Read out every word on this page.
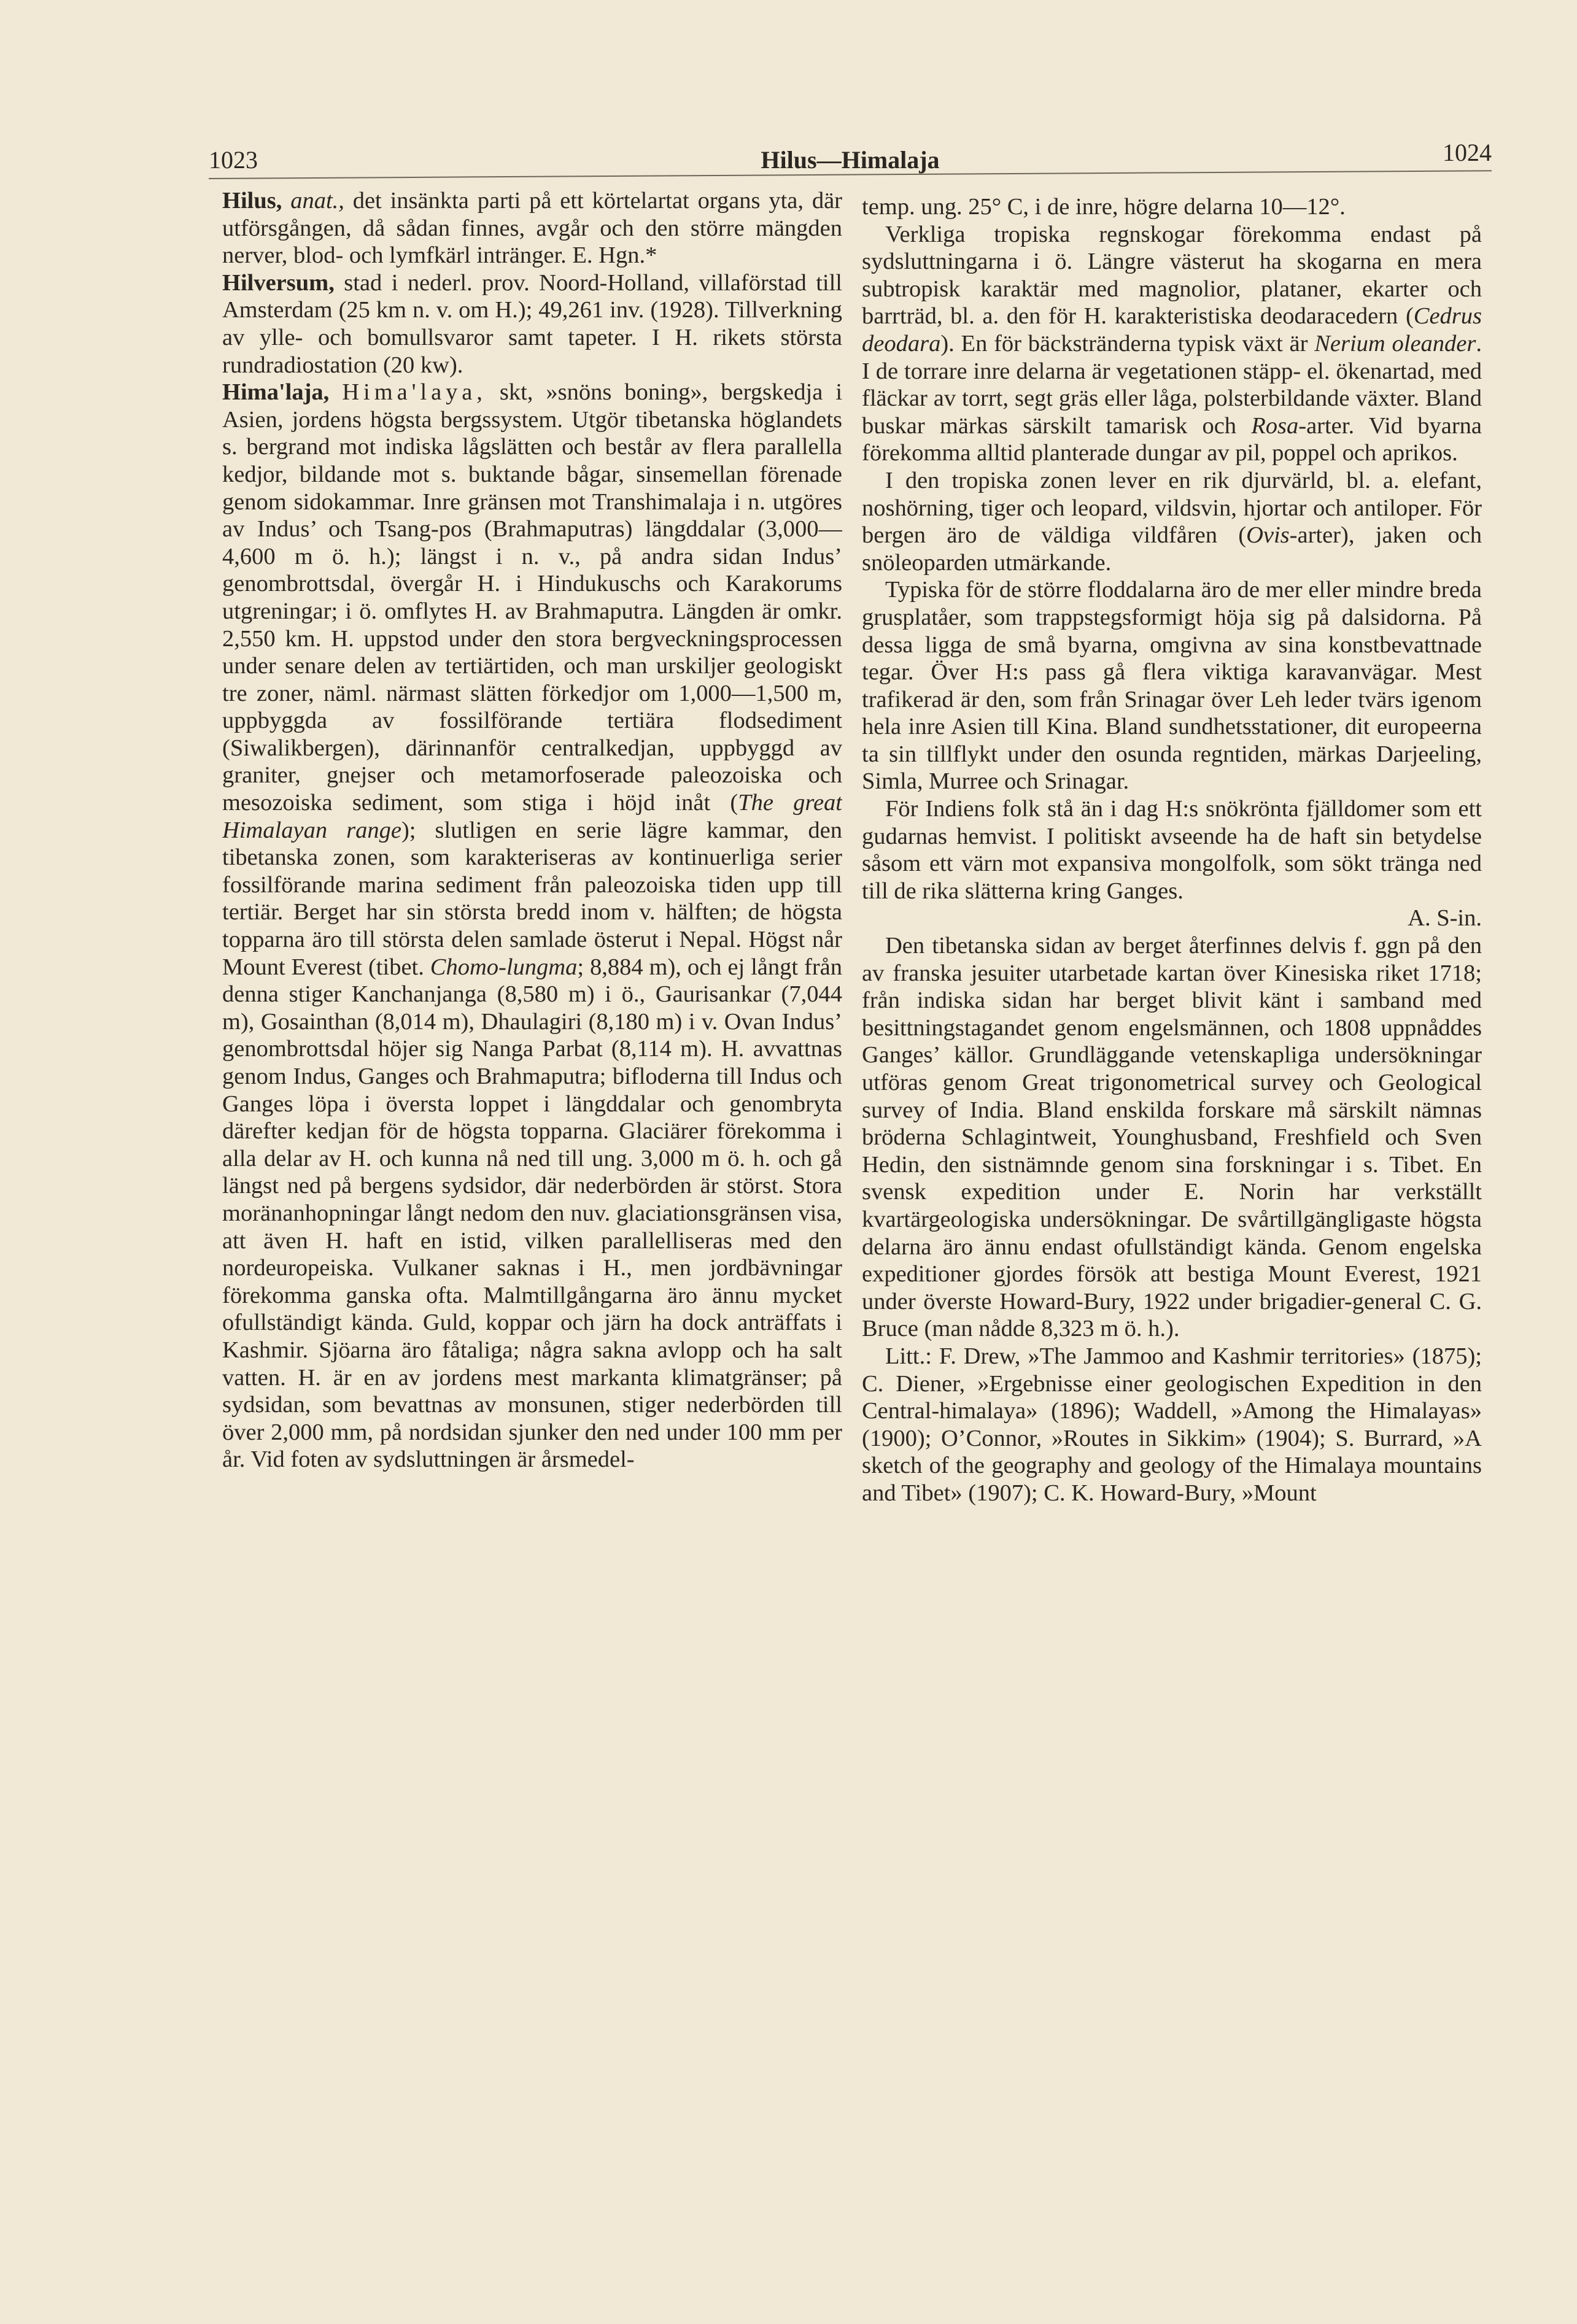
1023	Hilus—Himalaja	1024

Hilus, anat., det insänkta parti på ett körtelartat organs yta, där utförsgången, då sådan finnes, avgår och den större mängden nerver, blod- och lymfkärl intränger. E. Hgn.*

Hilversum, stad i nederl. prov. Noord-Holland, villaförstad till Amsterdam (25 km n. v. om H.); 49,261 inv. (1928). Tillverkning av ylle- och bomullsvaror samt tapeter. I H. rikets största rundradiostation (20 kw).

Hima'laja, Hima'laya, skt, »snöns boning», bergskedja i Asien, jordens högsta bergssystem. Utgör tibetanska höglandets s. bergrand mot indiska lågslätten och består av flera parallella kedjor, bildande mot s. buktande bågar, sinsemellan förenade genom sidokammar. Inre gränsen mot Transhimalaja i n. utgöres av Indus’ och Tsang-pos (Brahmaputras) längddalar (3,000—4,600 m ö. h.); längst i n. v., på andra sidan Indus’ genombrottsdal, övergår H. i Hindukuschs och Karakorums utgreningar; i ö. omflytes H. av Brahmaputra. Längden är omkr. 2,550 km. H. uppstod under den stora bergveckningsprocessen under senare delen av tertiärtiden, och man urskiljer geologiskt tre zoner, näml. närmast slätten förkedjor om 1,000—1,500 m, uppbyggda av fossilförande tertiära flodsediment (Siwalikbergen), därinnanför centralkedjan, uppbyggd av graniter, gnejser och metamorfoserade paleozoiska och mesozoiska sediment, som stiga i höjd inåt (The great Himalayan range); slutligen en serie lägre kammar, den tibetanska zonen, som karakteriseras av kontinuerliga serier fossilförande marina sediment från paleozoiska tiden upp till tertiär. Berget har sin största bredd inom v. hälften; de högsta topparna äro till största delen samlade österut i Nepal. Högst når Mount Everest (tibet. Chomo-lungma; 8,884 m), och ej långt från denna stiger Kanchanjanga (8,580 m) i ö., Gaurisankar (7,044 m), Gosainthan (8,014 m), Dhaulagiri (8,180 m) i v. Ovan Indus’ genombrottsdal höjer sig Nanga Parbat (8,114 m). H. avvattnas genom Indus, Ganges och Brahmaputra; bifloderna till Indus och Ganges löpa i översta loppet i längddalar och genombryta därefter kedjan för de högsta topparna. Glaciärer förekomma i alla delar av H. och kunna nå ned till ung. 3,000 m ö. h. och gå längst ned på bergens sydsidor, där nederbörden är störst. Stora moränanhopningar långt nedom den nuv. glaciationsgränsen visa, att även H. haft en istid, vilken parallelliseras med den nordeuropeiska. Vulkaner saknas i H., men jordbävningar förekomma ganska ofta. Malmtillgångarna äro ännu mycket ofullständigt kända. Guld, koppar och järn ha dock anträffats i Kashmir. Sjöarna äro fåtaliga; några sakna avlopp och ha salt vatten. H. är en av jordens mest markanta klimatgränser; på sydsidan, som bevattnas av monsunen, stiger nederbörden till över 2,000 mm, på nordsidan sjunker den ned under 100 mm per år. Vid foten av sydsluttningen är årsmedel-

temp. ung. 25° C, i de inre, högre delarna 10—12°.

Verkliga tropiska regnskogar förekomma endast på sydsluttningarna i ö. Längre västerut ha skogarna en mera subtropisk karaktär med magnolior, plataner, ekarter och barrträd, bl. a. den för H. karakteristiska deodaracedern (Cedrus deodara). En för bäckstränderna typisk växt är Nerium oleander. I de torrare inre delarna är vegetationen stäpp- el. ökenartad, med fläckar av torrt, segt gräs eller låga, polsterbildande växter. Bland buskar märkas särskilt tamarisk och Rosa-arter. Vid byarna förekomma alltid planterade dungar av pil, poppel och aprikos.

I den tropiska zonen lever en rik djurvärld, bl. a. elefant, noshörning, tiger och leopard, vildsvin, hjortar och antiloper. För bergen äro de väldiga vildfåren (Ovis-arter), jaken och snöleoparden utmärkande.

Typiska för de större floddalarna äro de mer eller mindre breda grusplatåer, som trappstegsformigt höja sig på dalsidorna. På dessa ligga de små byarna, omgivna av sina konstbevattnade tegar. Över H:s pass gå flera viktiga karavanvägar. Mest trafikerad är den, som från Srinagar över Leh leder tvärs igenom hela inre Asien till Kina. Bland sundhetsstationer, dit europeerna ta sin tillflykt under den osunda regntiden, märkas Darjeeling, Simla, Murree och Srinagar.

För Indiens folk stå än i dag H:s snökrönta fjälldomer som ett gudarnas hemvist. I politiskt avseende ha de haft sin betydelse såsom ett värn mot expansiva mongolfolk, som sökt tränga ned till de rika slätterna kring Ganges.

A. S-in.

Den tibetanska sidan av berget återfinnes delvis f. ggn på den av franska jesuiter utarbetade kartan över Kinesiska riket 1718; från indiska sidan har berget blivit känt i samband med besittningstagandet genom engelsmännen, och 1808 uppnåddes Ganges’ källor. Grundläggande vetenskapliga undersökningar utföras genom Great trigonometrical survey och Geological survey of India. Bland enskilda forskare må särskilt nämnas bröderna Schlagintweit, Younghusband, Freshfield och Sven Hedin, den sistnämnde genom sina forskningar i s. Tibet. En svensk expedition under E. Norin har verkställt kvartärgeologiska undersökningar. De svårtillgängligaste högsta delarna äro ännu endast ofullständigt kända. Genom engelska expeditioner gjordes försök att bestiga Mount Everest, 1921 under överste Howard-Bury, 1922 under brigadier-general C. G. Bruce (man nådde 8,323 m ö. h.).

Litt.: F. Drew, »The Jammoo and Kashmir territories» (1875); C. Diener, »Ergebnisse einer geologischen Expedition in den Central-himalaya» (1896); Waddell, »Among the Himalayas» (1900); O’Connor, »Routes in Sikkim» (1904); S. Burrard, »A sketch of the geography and geology of the Himalaya mountains and Tibet» (1907); C. K. Howard-Bury, »Mount
